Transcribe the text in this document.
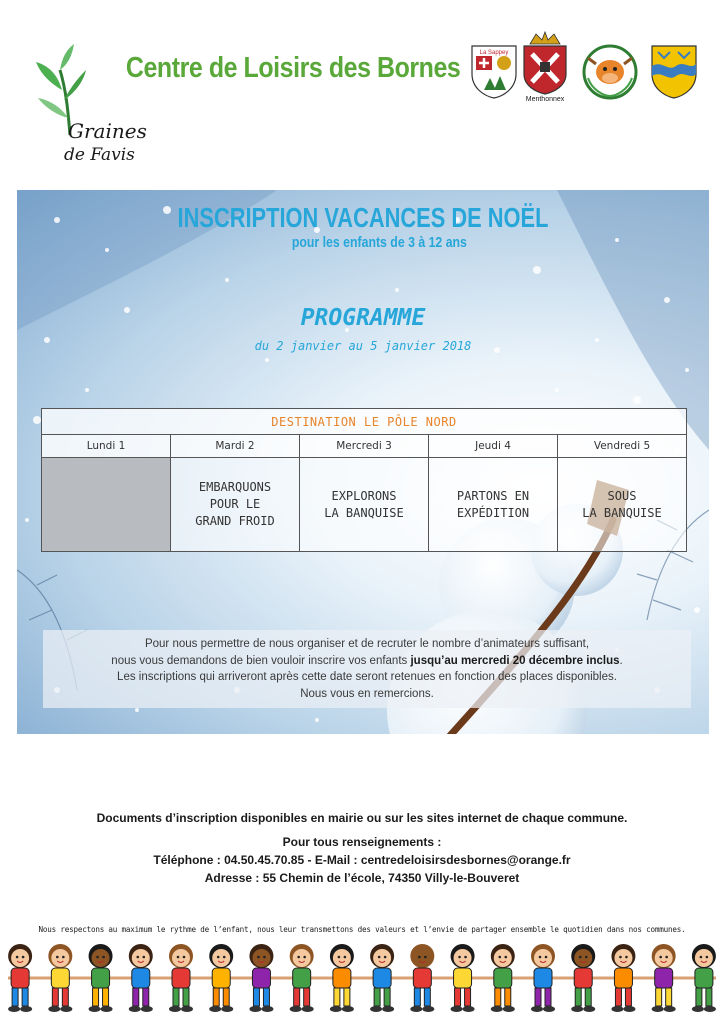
Graines
de Favis
Centre de Loisirs des Bornes	La Sappey
Menthonnex
INSCRIPTION VACANCES DE NOËL
pour les enfants de 3 à 12 ans
PROGRAMME
du 2 janvier au 5 janvier 2018
DESTINATION LE PÔLE NORD				
Lundi 1	Mardi 2	Mercredi 3	Jeudi 4	Vendredi 5
	EMBARQUONS
POUR LE
GRAND FROID	EXPLORONS
LA BANQUISE	PARTONS EN
EXPÉDITION	SOUS
LA BANQUISE
Pour nous permettre de nous organiser et de recruter le nombre d’animateurs suffisant,
nous vous demandons de bien vouloir inscrire vos enfants jusqu’au mercredi 20 décembre inclus.
Les inscriptions qui arriveront après cette date seront retenues en fonction des places disponibles.
Nous vous en remercions.
Documents d’inscription disponibles en mairie ou sur les sites internet de chaque commune.
Pour tous renseignements :
Téléphone : 04.50.45.70.85 - E-Mail : centredeloisirsdesbornes@orange.fr
Adresse : 55 Chemin de l’école, 74350 Villy-le-Bouveret
Nous respectons au maximum le rythme de l’enfant, nous leur transmettons des valeurs et l’envie de partager ensemble le quotidien dans nos communes.
